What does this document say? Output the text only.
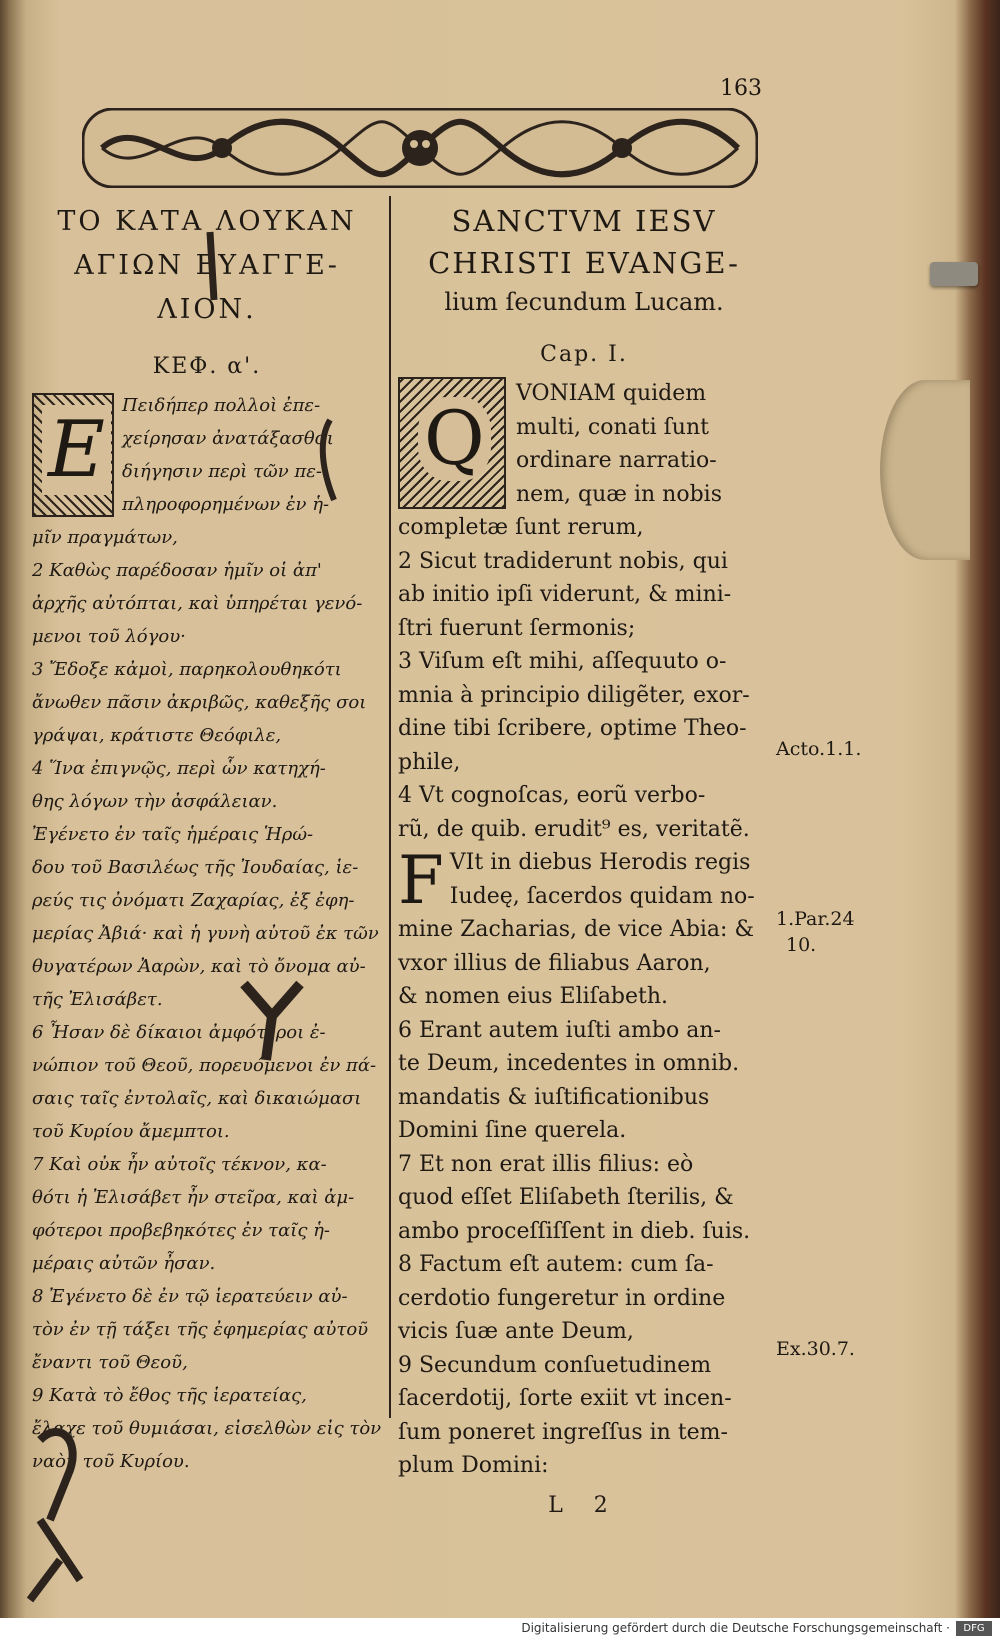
163
ΤΟ ΚΑΤΑ ΛΟΥΚΑΝ
ΑΓΙΩΝ ΕΥΑΓΓΕ-
ΛΙΟΝ.
ΚΕΦ. α'.
Ε Πειδήπερ πολλοὶ ἐπε-

χείρησαν ἀνατάξασθαι

διήγησιν περὶ τῶν πε-

πληροφορημένων ἐν ἡ-

μῖν πραγμάτων,

2 Καθὼς παρέδοσαν ἡμῖν οἱ ἀπ'

ἀρχῆς αὐτόπται, καὶ ὑπηρέται γενό-

μενοι τοῦ λόγου·

3 Ἔδοξε κἀμοὶ, παρηκολουθηκότι

ἄνωθεν πᾶσιν ἀκριβῶς, καθεξῆς σοι

γράψαι, κράτιστε Θεόφιλε,

4 Ἵνα ἐπιγνῷς, περὶ ὧν κατηχή-

θης λόγων τὴν ἀσφάλειαν.

Ἐγένετο ἐν ταῖς ἡμέραις Ἡρώ-

δου τοῦ Βασιλέως τῆς Ἰουδαίας, ἱε-

ρεύς τις ὀνόματι Ζαχαρίας, ἐξ ἐφη-

μερίας Ἀβιά· καὶ ἡ γυνὴ αὐτοῦ ἐκ τῶν

θυγατέρων Ἀαρὼν, καὶ τὸ ὄνομα αὐ-

τῆς Ἐλισάβετ.

6 Ἦσαν δὲ δίκαιοι ἀμφότεροι ἐ-

νώπιον τοῦ Θεοῦ, πορευόμενοι ἐν πά-

σαις ταῖς ἐντολαῖς, καὶ δικαιώμασι

τοῦ Κυρίου ἄμεμπτοι.

7 Καὶ οὐκ ἦν αὐτοῖς τέκνον, κα-

θότι ἡ Ἐλισάβετ ἦν στεῖρα, καὶ ἀμ-

φότεροι προβεβηκότες ἐν ταῖς ἡ-

μέραις αὐτῶν ἦσαν.

8 Ἐγένετο δὲ ἐν τῷ ἱερατεύειν αὐ-

τὸν ἐν τῇ τάξει τῆς ἐφημερίας αὐτοῦ

ἔναντι τοῦ Θεοῦ,

9 Κατὰ τὸ ἔθος τῆς ἱερατείας,

ἔλαχε τοῦ θυμιάσαι, εἰσελθὼν εἰς τὸν

ναὸν τοῦ Κυρίου.

SANCTVM IESV
CHRISTI EVANGE-
lium ſecundum Lucam.
Cap. I.
Q

VONIAM quidem

multi, conati ſunt

ordinare narratio-

nem, quæ in nobis

completæ ſunt rerum,

2 Sicut tradiderunt nobis, qui

ab initio ipſi viderunt, & mini-

ſtri fuerunt ſermonis;

3 Viſum eſt mihi, aſſequuto o-

mnia à principio diligẽter, exor-

dine tibi ſcribere, optime Theo-

phile,

4 Vt cognoſcas, eorũ verbo-

rũ, de quib. erudit⁹ es, veritatẽ.

F VIt in diebus Herodis regis

Iudeę, ſacerdos quidam no-

mine Zacharias, de vice Abia: &

vxor illius de filiabus Aaron,

& nomen eius Eliſabeth.

6 Erant autem iuſti ambo an-

te Deum, incedentes in omnib.

mandatis & iuſtificationibus

Domini ſine querela.

7 Et non erat illis filius: eò

quod eſſet Eliſabeth ſterilis, &

ambo proceſſiſſent in dieb. ſuis.

8 Factum eſt autem: cum ſa-

cerdotio fungeretur in ordine

vicis ſuæ ante Deum,

9 Secundum conſuetudinem

ſacerdotij, ſorte exiit vt incen-

ſum poneret ingreſſus in tem-

plum Domini:

L 2
Acto.1.1.
1.Par.24
10.
Ex.30.7.
Digitalisierung gefördert durch die Deutsche Forschungsgemeinschaft ·	DFG
